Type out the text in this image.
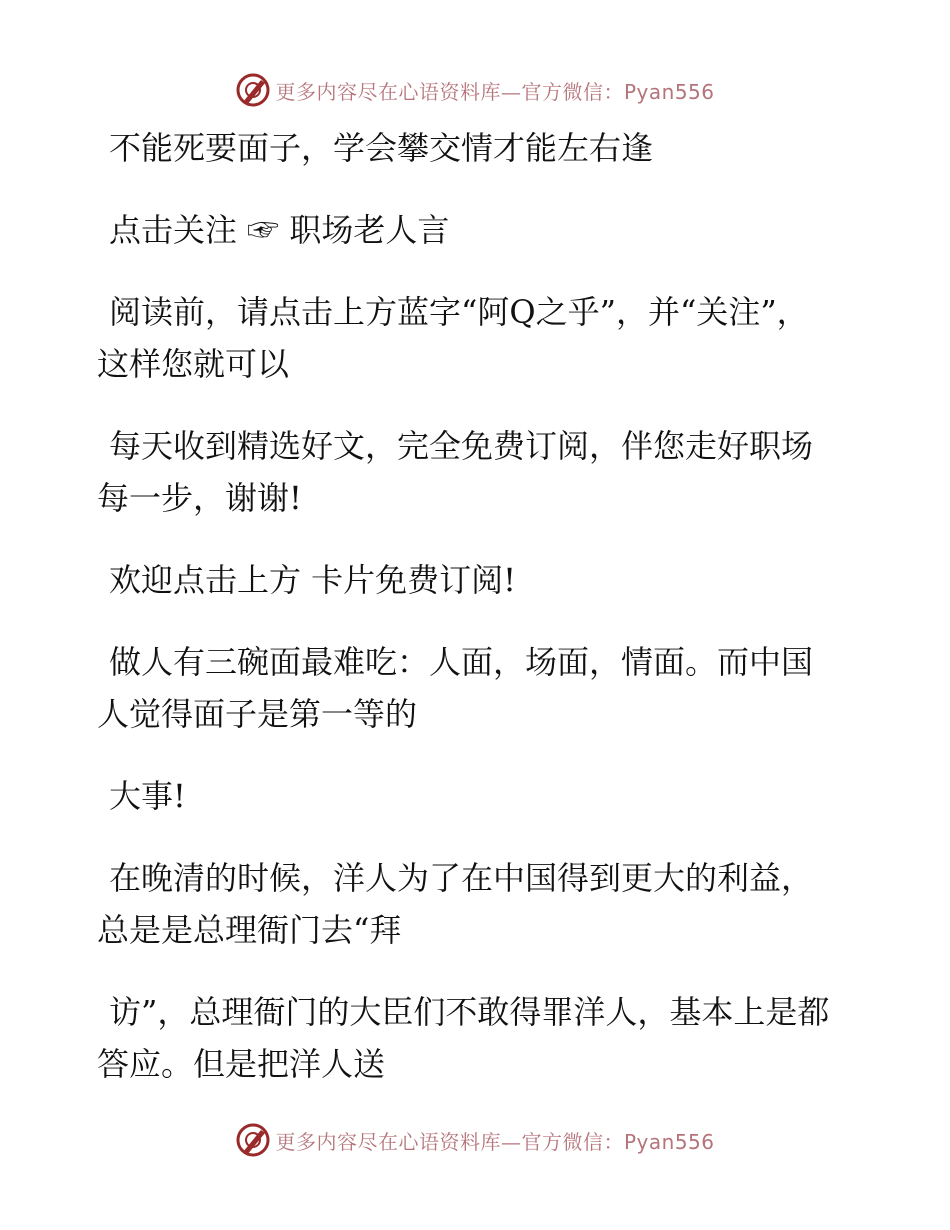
更多内容尽在心语资料库—官方微信：Pyan556

不能死要面子，学会攀交情才能左右逢

点击关注 ☞ 职场老人言

阅读前，请点击上方蓝字“阿Q之乎”，并“关注”，这样您就可以

每天收到精选好文，完全免费订阅，伴您走好职场每一步，谢谢!

欢迎点击上方 卡片免费订阅!

做人有三碗面最难吃：人面，场面，情面。而中国人觉得面子是第一等的

大事!

在晚清的时候，洋人为了在中国得到更大的利益，总是是总理衙门去“拜

访”，总理衙门的大臣们不敢得罪洋人，基本上是都答应。但是把洋人送

更多内容尽在心语资料库—官方微信：Pyan556
